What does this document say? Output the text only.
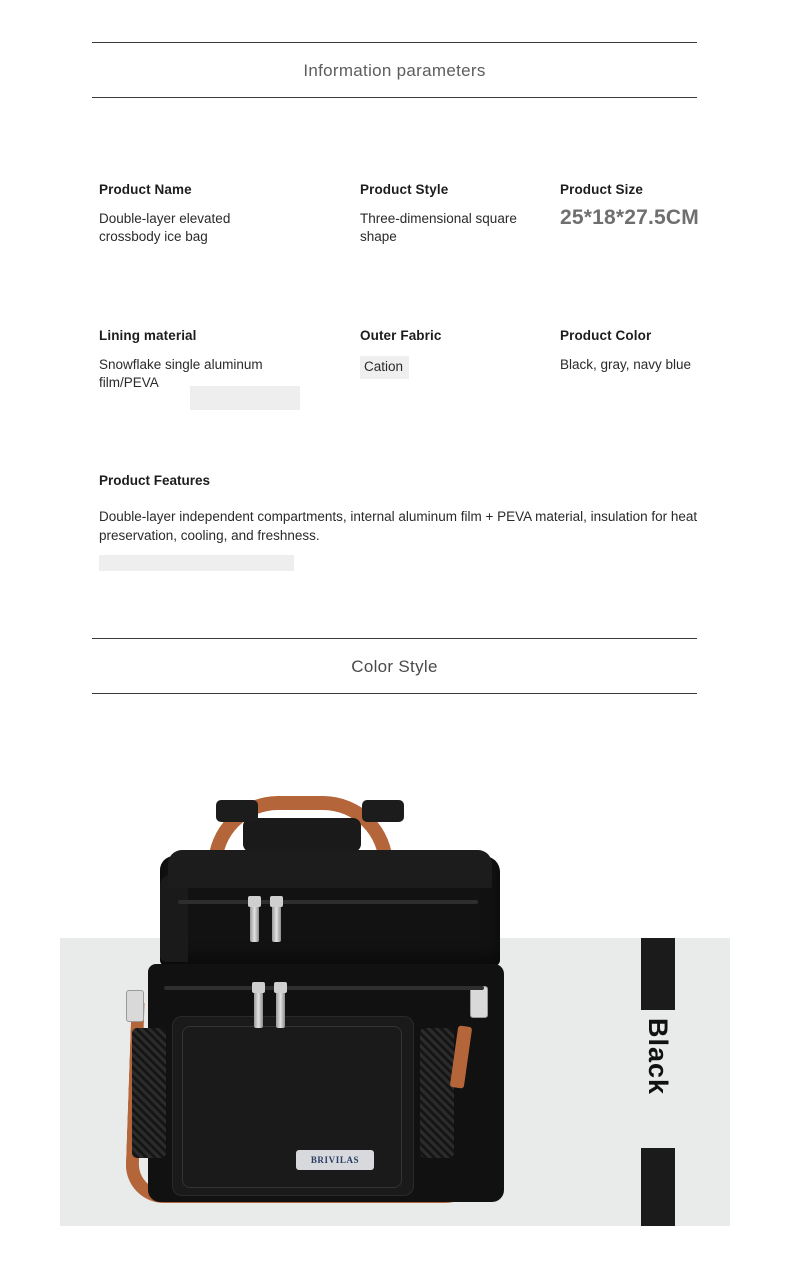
Information parameters
Product Name
Double-layer elevated crossbody ice bag
Product Style
Three-dimensional square shape
Product Size
25*18*27.5CM
Lining material
Snowflake single aluminum film/PEVA
Outer Fabric
Cation
Product Color
Black, gray, navy blue
Product Features
Double-layer independent compartments, internal aluminum film + PEVA material, insulation for heat preservation, cooling, and freshness.
Color Style
BRIVILAS
Black
